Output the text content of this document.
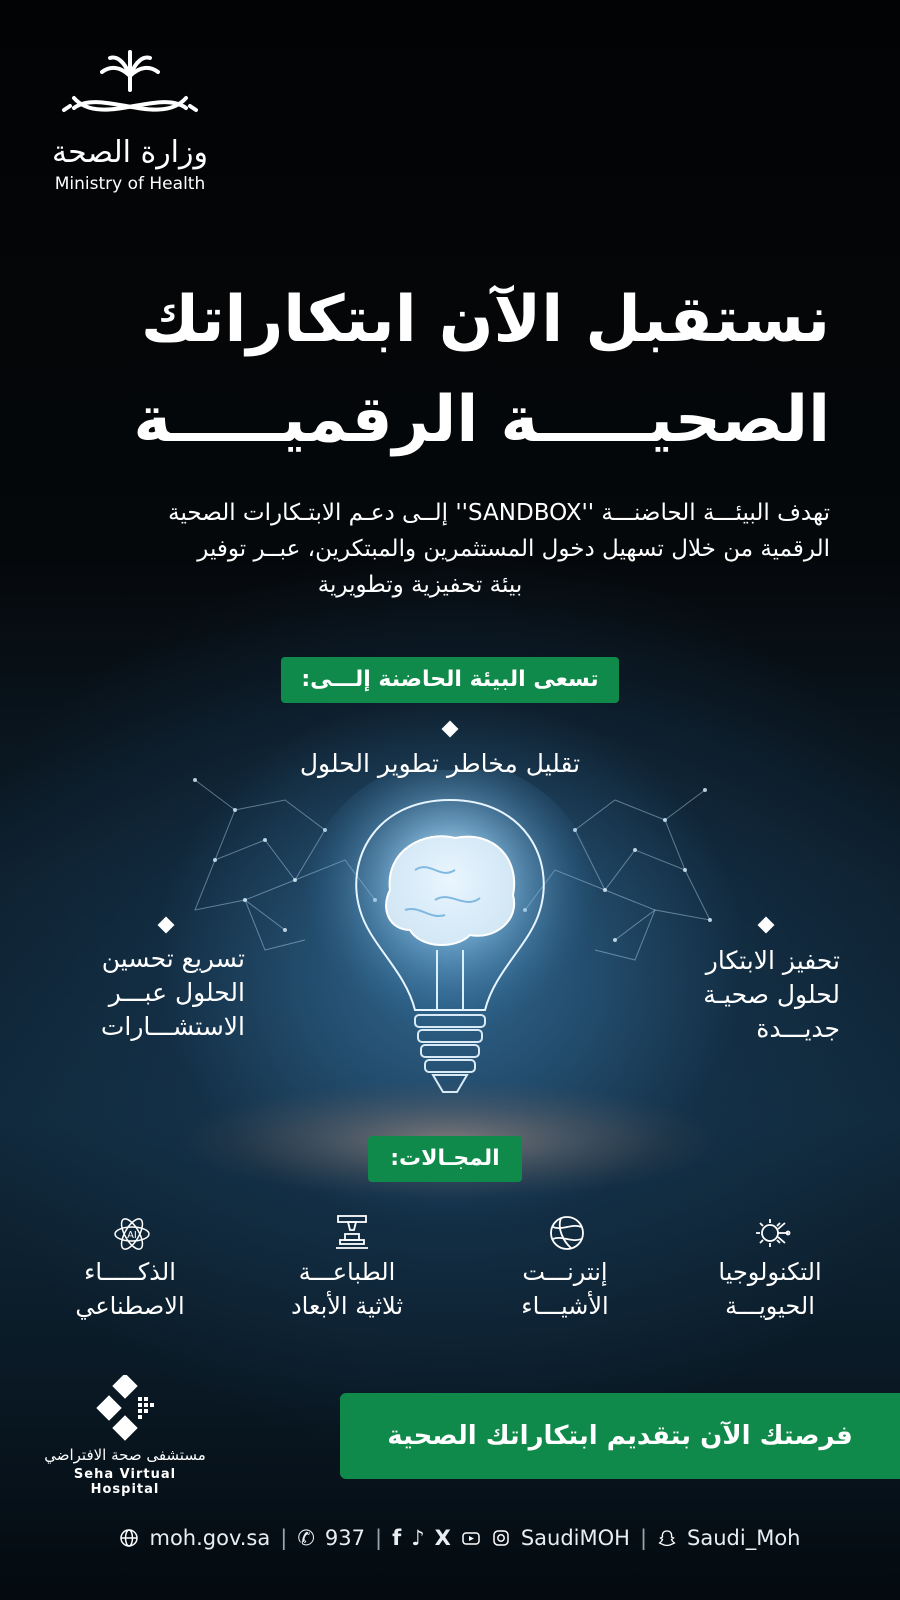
وزارة الصحة
Ministry of Health
نستقبل الآن ابتكاراتك
الصحيـــــة الرقميـــــة
تهدف البيئـــة الحاضنـــة ''SANDBOX'' إلــى دعـم الابتـكارات الصحية
الرقمية من خلال تسهيل دخول المستثمرين والمبتكرين، عبــر توفير
بيئة تحفيزية وتطويرية
تسعى البيئة الحاضنة إلـــى:
تقليل مخاطر تطوير الحلول
تسريع تحسين
الحلول عبـــر
الاستشـــارات
تحفيز الابتكار
لحلول صحيـة
جديـــدة
المجـالات:
AI
الذكـــــاء
الاصطناعي
الطباعـــة
ثلاثية الأبعاد
إنترنـــت
الأشيـــاء
التكنولوجيا
الحيويـــة
فرصتك الآن بتقديم ابتكاراتك الصحية
مستشفى صحة الافتراضي
Seha Virtual Hospital
moh.gov.sa | ✆ 937 | f ♪ X	SaudiMOH | Saudi_Moh
